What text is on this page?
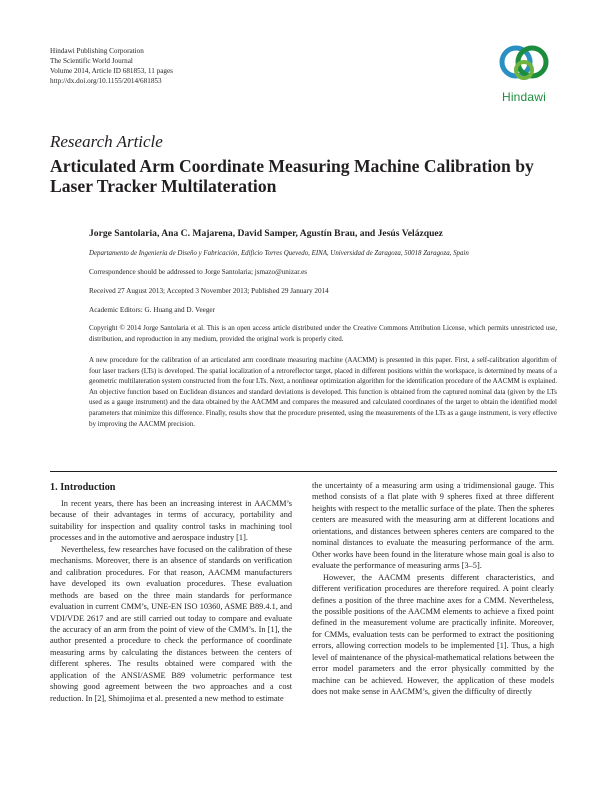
Hindawi Publishing Corporation
The Scientific World Journal
Volume 2014, Article ID 681853, 11 pages
http://dx.doi.org/10.1155/2014/681853
Hindawi
Research Article
Articulated Arm Coordinate Measuring Machine Calibration by Laser Tracker Multilateration
Jorge Santolaria, Ana C. Majarena, David Samper, Agustín Brau, and Jesús Velázquez
Departamento de Ingeniería de Diseño y Fabricación, Edificio Torres Quevedo, EINA, Universidad de Zaragoza, 50018 Zaragoza, Spain
Correspondence should be addressed to Jorge Santolaria; jsmazo@unizar.es
Received 27 August 2013; Accepted 3 November 2013; Published 29 January 2014
Academic Editors: G. Huang and D. Veeger
Copyright © 2014 Jorge Santolaria et al. This is an open access article distributed under the Creative Commons Attribution License, which permits unrestricted use, distribution, and reproduction in any medium, provided the original work is properly cited.
A new procedure for the calibration of an articulated arm coordinate measuring machine (AACMM) is presented in this paper. First, a self-calibration algorithm of four laser trackers (LTs) is developed. The spatial localization of a retroreflector target, placed in different positions within the workspace, is determined by means of a geometric multilateration system constructed from the four LTs. Next, a nonlinear optimization algorithm for the identification procedure of the AACMM is explained. An objective function based on Euclidean distances and standard deviations is developed. This function is obtained from the captured nominal data (given by the LTs used as a gauge instrument) and the data obtained by the AACMM and compares the measured and calculated coordinates of the target to obtain the identified model parameters that minimize this difference. Finally, results show that the procedure presented, using the measurements of the LTs as a gauge instrument, is very effective by improving the AACMM precision.
1. Introduction

In recent years, there has been an increasing interest in AACMM’s because of their advantages in terms of accuracy, portability and suitability for inspection and quality control tasks in machining tool processes and in the automotive and aerospace industry [1].

Nevertheless, few researches have focused on the calibration of these mechanisms. Moreover, there is an absence of standards on verification and calibration procedures. For that reason, AACMM manufacturers have developed its own evaluation procedures. These evaluation methods are based on the three main standards for performance evaluation in current CMM’s, UNE-EN ISO 10360, ASME B89.4.1, and VDI/VDE 2617 and are still carried out today to compare and evaluate the accuracy of an arm from the point of view of the CMM’s. In [1], the author presented a procedure to check the performance of coordinate measuring arms by calculating the distances between the centers of different spheres. The results obtained were compared with the application of the ANSI/ASME B89 volumetric performance test showing good agreement between the two approaches and a cost reduction. In [2], Shimojima et al. presented a new method to estimate

the uncertainty of a measuring arm using a tridimensional gauge. This method consists of a flat plate with 9 spheres fixed at three different heights with respect to the metallic surface of the plate. Then the spheres centers are measured with the measuring arm at different locations and orientations, and distances between spheres centers are compared to the nominal distances to evaluate the measuring performance of the arm. Other works have been found in the literature whose main goal is also to evaluate the performance of measuring arms [3–5].

However, the AACMM presents different characteristics, and different verification procedures are therefore required. A point clearly defines a position of the three machine axes for a CMM. Nevertheless, the possible positions of the AACMM elements to achieve a fixed point defined in the measurement volume are practically infinite. Moreover, for CMMs, evaluation tests can be performed to extract the positioning errors, allowing correction models to be implemented [1]. Thus, a high level of maintenance of the physical-mathematical relations between the error model parameters and the error physically committed by the machine can be achieved. However, the application of these models does not make sense in AACMM’s, given the difficulty of directly
